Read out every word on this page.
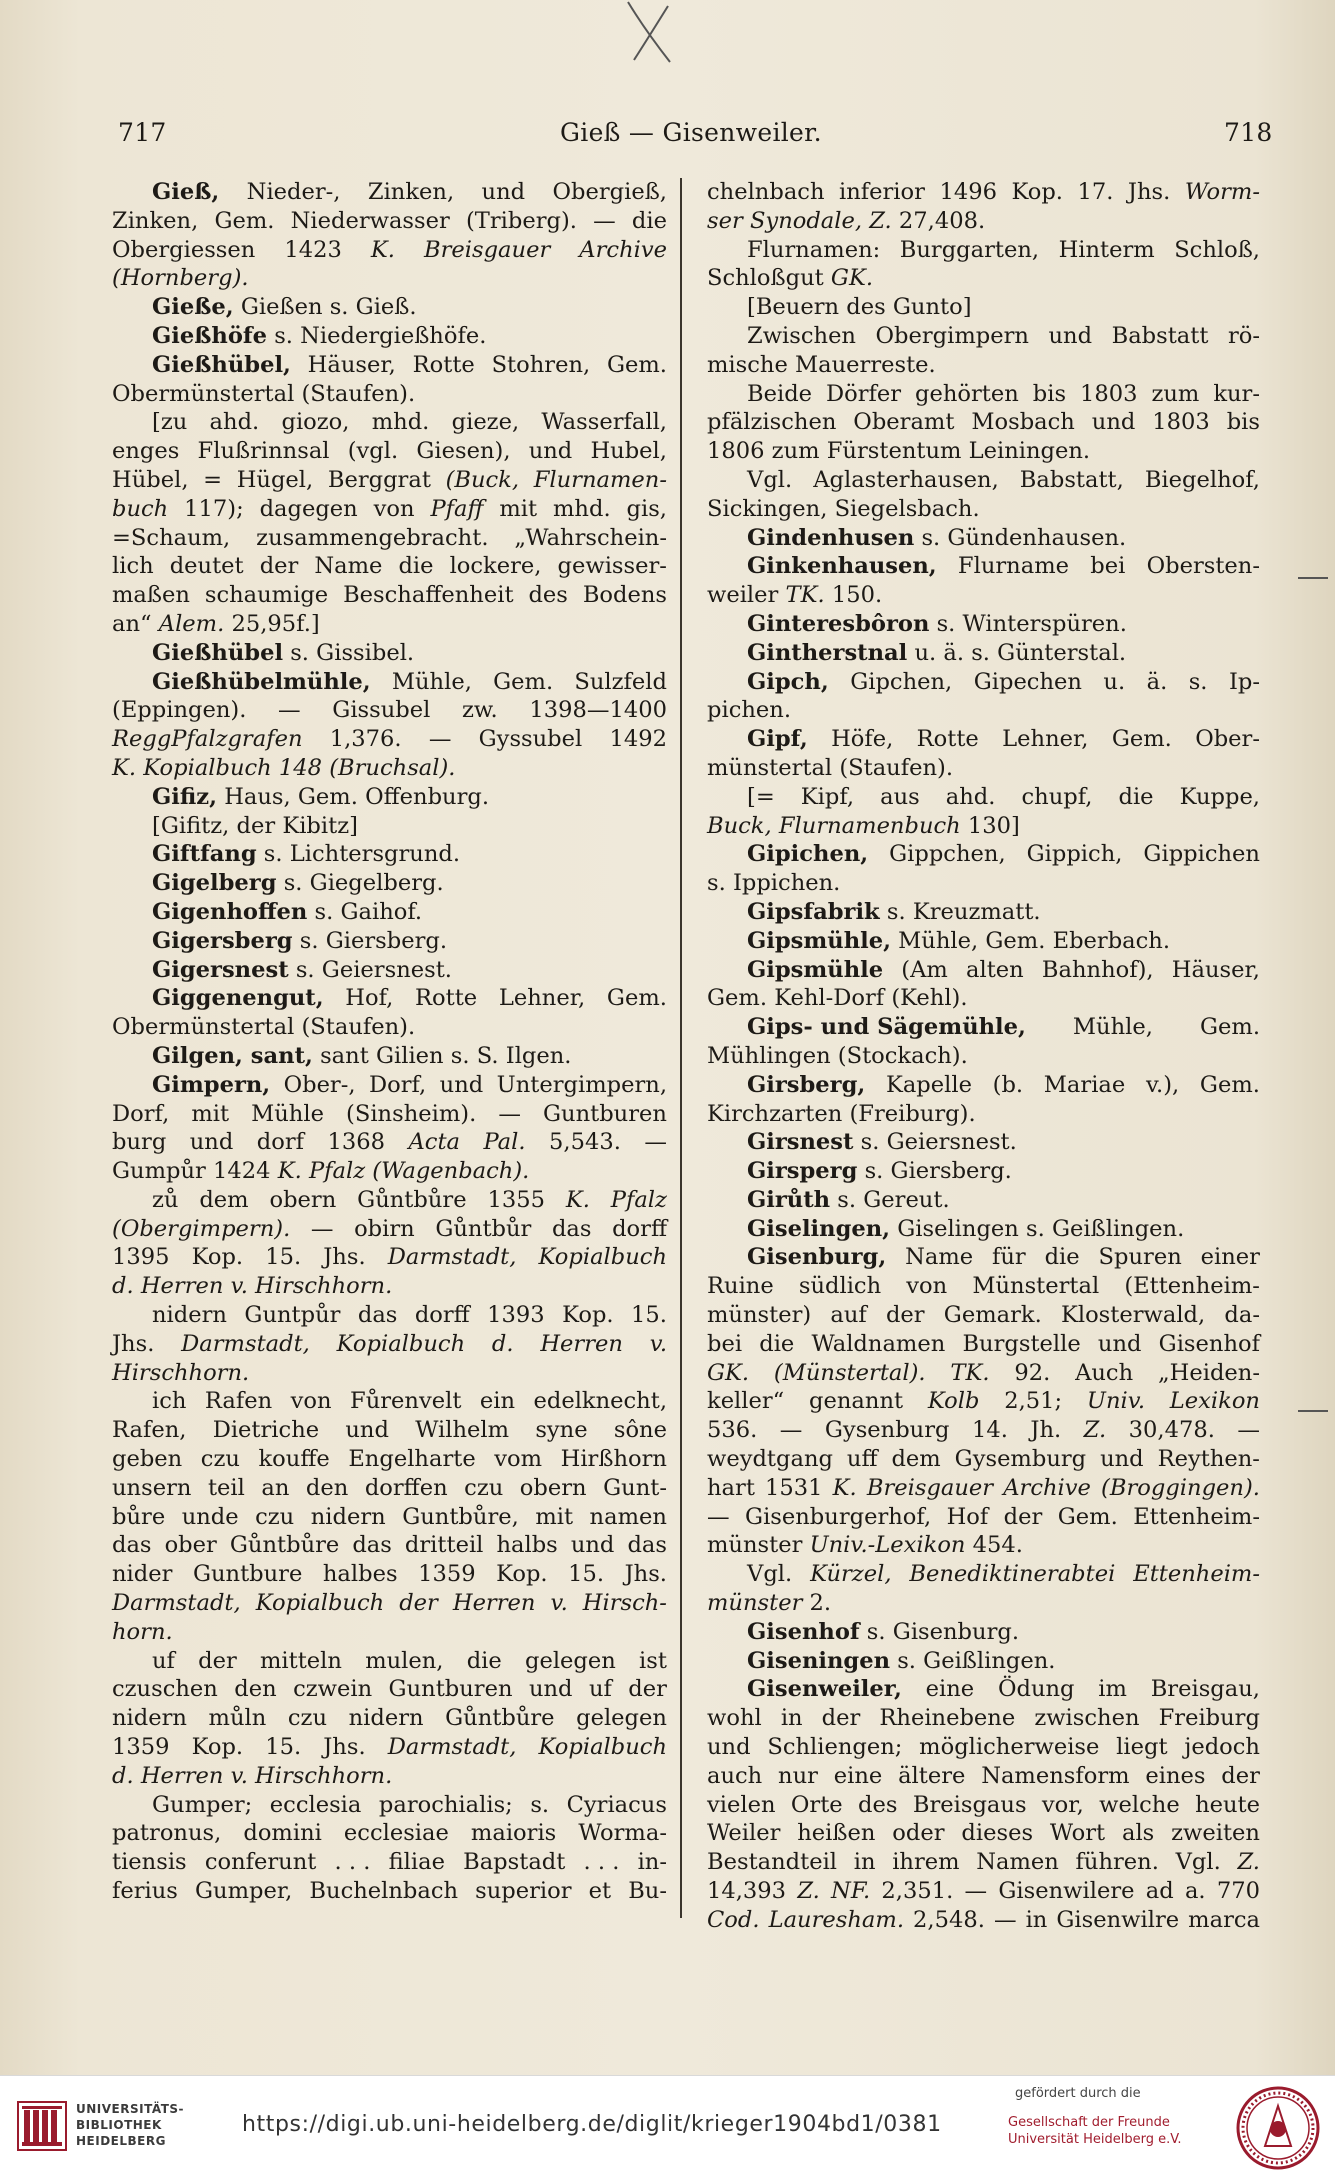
717	Gieß — Gisenweiler.	718
Gieß, Nieder-, Zinken, und Obergieß,
Zinken, Gem. Niederwasser (Triberg). — die
Obergiessen 1423 K. Breisgauer Archive
(Hornberg).
Gieße, Gießen s. Gieß.
Gießhöfe s. Niedergießhöfe.
Gießhübel, Häuser, Rotte Stohren, Gem.
Obermünstertal (Staufen).
[zu ahd. giozo, mhd. gieze, Wasserfall,
enges Flußrinnsal (vgl. Giesen), und Hubel,
Hübel, = Hügel, Berggrat (Buck, Flurnamen-
buch 117); dagegen von Pfaff mit mhd. gis,
=Schaum, zusammengebracht. „Wahrschein-
lich deutet der Name die lockere, gewisser-
maßen schaumige Beschaffenheit des Bodens
an“ Alem. 25,95f.]
Gießhübel s. Gissibel.
Gießhübelmühle, Mühle, Gem. Sulzfeld
(Eppingen). — Gissubel zw. 1398—1400
ReggPfalzgrafen 1,376. — Gyssubel 1492
K.
Kopialbuch 148 (Bruchsal).
Gifiz, Haus, Gem. Offenburg.
[Gifitz, der Kibitz]
Giftfang s. Lichtersgrund.
Gigelberg s. Giegelberg.
Gigenhoffen s. Gaihof.
Gigersberg s. Giersberg.
Gigersnest s. Geiersnest.
Giggenengut, Hof, Rotte Lehner, Gem.
Obermünstertal (Staufen).
Gilgen, sant, sant Gilien s. S. Ilgen.
Gimpern, Ober-, Dorf, und Untergimpern,
Dorf, mit Mühle (Sinsheim). — Guntburen
burg und dorf 1368 Acta Pal. 5,543. —
Gumpůr 1424 K. Pfalz (Wagenbach).
zů dem obern Gůntbůre 1355 K. Pfalz
(Obergimpern). — obirn Gůntbůr das dorff
1395 Kop. 15. Jhs. Darmstadt, Kopialbuch
d. Herren v. Hirschhorn.
nidern Guntpůr das dorff 1393 Kop. 15.
Jhs. Darmstadt, Kopialbuch d. Herren v.
Hirschhorn.
ich Rafen von Fůrenvelt ein edelknecht,
Rafen, Dietriche und Wilhelm syne sône
geben czu kouffe Engelharte vom Hirßhorn
unsern teil an den dorffen czu obern Gunt-
bůre unde czu nidern Guntbůre, mit namen
das ober Gůntbůre das dritteil halbs und das
nider Guntbure halbes 1359 Kop. 15. Jhs.
Darmstadt, Kopialbuch der Herren v. Hirsch-
horn.
uf der mitteln mulen, die gelegen ist
czuschen den czwein Guntburen und uf der
nidern můln czu nidern Gůntbůre gelegen
1359 Kop. 15. Jhs. Darmstadt, Kopialbuch
d. Herren v. Hirschhorn.
Gumper; ecclesia parochialis; s. Cyriacus
patronus, domini ecclesiae maioris Worma-
tiensis conferunt . . . filiae Bapstadt . . . in-
ferius Gumper, Buchelnbach superior et Bu-
chelnbach inferior 1496 Kop. 17. Jhs. Worm-
ser Synodale, Z. 27,408.
Flurnamen: Burggarten, Hinterm Schloß,
Schloßgut GK.
[Beuern des Gunto]
Zwischen Obergimpern und Babstatt rö-
mische Mauerreste.
Beide Dörfer gehörten bis 1803 zum kur-
pfälzischen Oberamt Mosbach und 1803 bis
1806 zum Fürstentum Leiningen.
Vgl. Aglasterhausen, Babstatt, Biegelhof,
Sickingen, Siegelsbach.
Gindenhusen s. Gündenhausen.
Ginkenhausen, Flurname bei Obersten-
weiler TK. 150.
Ginteresbôron s. Winterspüren.
Gintherstnal u. ä. s. Günterstal.
Gipch, Gipchen, Gipechen u. ä. s. Ip-
pichen.
Gipf, Höfe, Rotte Lehner, Gem. Ober-
münstertal (Staufen).
[= Kipf, aus ahd. chupf, die Kuppe,
Buck, Flurnamenbuch 130]
Gipichen, Gippchen, Gippich, Gippichen
s. Ippichen.
Gipsfabrik s. Kreuzmatt.
Gipsmühle, Mühle, Gem. Eberbach.
Gipsmühle (Am alten Bahnhof), Häuser,
Gem. Kehl-Dorf (Kehl).
Gips- und Sägemühle, Mühle, Gem.
Mühlingen (Stockach).
Girsberg, Kapelle (b. Mariae v.), Gem.
Kirchzarten (Freiburg).
Girsnest s. Geiersnest.
Girsperg s. Giersberg.
Girůth s. Gereut.
Giselingen, Giselingen s. Geißlingen.
Gisenburg, Name für die Spuren einer
Ruine südlich von Münstertal (Ettenheim-
münster) auf der Gemark. Klosterwald, da-
bei die Waldnamen Burgstelle und Gisenhof
GK. (Münstertal). TK. 92. Auch „Heiden-
keller“ genannt Kolb 2,51; Univ. Lexikon
536. — Gysenburg 14. Jh. Z. 30,478. —
weydtgang uff dem Gysemburg und Reythen-
hart 1531 K. Breisgauer Archive (Broggingen).
— Gisenburgerhof, Hof der Gem. Ettenheim-
münster Univ.-Lexikon 454.
Vgl. Kürzel, Benediktinerabtei Ettenheim-
münster 2.
Gisenhof s. Gisenburg.
Giseningen s. Geißlingen.
Gisenweiler, eine Ödung im Breisgau,
wohl in der Rheinebene zwischen Freiburg
und Schliengen; möglicherweise liegt jedoch
auch nur eine ältere Namensform eines der
vielen Orte des Breisgaus vor, welche heute
Weiler heißen oder dieses Wort als zweiten
Bestandteil in ihrem Namen führen. Vgl. Z.
14,393 Z. NF. 2,351. — Gisenwilere ad a. 770
Cod. Lauresham. 2,548. — in Gisenwilre marca
UNIVERSITÄTS-
BIBLIOTHEK
HEIDELBERG
https://digi.ub.uni-heidelberg.de/diglit/krieger1904bd1/0381
gefördert durch die
Gesellschaft der Freunde
Universität Heidelberg e.V.
